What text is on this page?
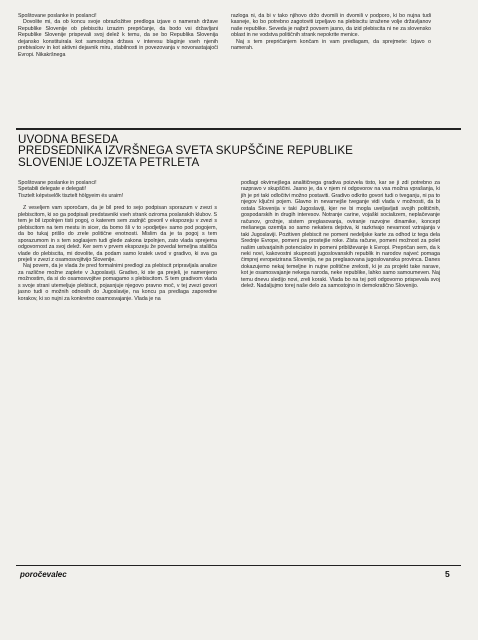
Spoštovane poslanke in poslanci!

Dovolite mi, da ob koncu svoje obrazložitve predloga izjave o namerah države Republike Slovenije ob plebiscitu izrazim prepričanje, da bodo vsi državljani Republike Slovenije prispevali svoj delež k temu, da se bo Republika Slovenija dejansko konstituirala kot samostojna država v interesu blaginje vseh njenih prebivalcev in kot aktivni dejavnik miru, stabilnosti in povezovanja v novonastajajoči Evropi. Nikakršnega

razloga ni, da bi v tako njihovo držo dvomili in dvomili v podporo, ki bo nujna tudi kasneje, ko bo potrebno zagotoviti izpeljavo na plebiscitu izražene volje državljanov naše republike. Seveda je najbrž povsem jasno, da izid plebiscita ni ne za slovensko oblast in ne vodstva političnih strank nepokrite menice.

Naj s tem prepričanjem končam in vam predlagam, da sprejmete: Izjavo o namerah.

UVODNA BESEDA
PREDSEDNIKA IZVRŠNEGA SVETA SKUPŠČINE REPUBLIKE
SLOVENIJE LOJZETA PETRLETA

Spoštovane poslanke in poslanci!

Spetabili delegate e delegati!

Tisztelt képviselők tisztelt hölgyeim és uraim!

Z veseljem vam sporočam, da je bil pred to sejo podpisan sporazum v zvezi s plebiscitom, ki so ga podpisali predstavniki vseh strank oziroma poslanskih klubov. S tem je bil izpolnjen tisti pogoj, o katerem sem zadnjič govoril v ekspozeju v zvezi s plebiscitom na tem mestu in sicer, da bomo šli v to »podjetje« samo pod pogojem, da bo tukaj prišlo do zrele politične enotnosti. Mislim da je ta pogoj s tem sporazumom in s tem soglasjem tudi glede zakona izpolnjen, zato vlada sprejema odgovornost za svoj delež. Ker sem v prvem ekspozeju že povedal temeljna stališča vlade do plebiscita, mi dovolite, da podam samo kratek uvod v gradivo, ki sva ga prejeli v zvezi z osamosvojitvijo Slovenije.

Naj povem, da je vlada že pred formalnimi predlogi za plebiscit pripravljala analize za različne možne zaplete v Jugoslaviji. Gradivo, ki ste ga prejeli, je namenjeno možnostim, da si do osamosvojitve pomagamo s plebiscitom. S tem gradivom vlada s svoje strani utemeljuje plebiscit, pojasnjuje njegovo pravno moč, v tej zvezi govori jasno tudi o možnih odnosih do Jugoslavije, na koncu pa predlaga zaporedne korakov, ki so nujni za konkretno osamosvajanje. Vlada je na

podlagi okvirnejšega analitičnega gradiva poizvela tisto, kar se ji zdi potrebno za razpravo v skupščini. Jasno je, da v njem ni odgovorov na vsa možna vprašanja, ki jih je pri taki odločitvi možno postaviti. Gradivo odkrito govori tudi o tveganju, ni pa to njegov ključni pojem. Glavno in nevarnejše tveganje vidi vlada v možnosti, da bi ostala Slovenija v taki Jugoslaviji, kjer ne bi mogla uveljavljati svojih političnih, gospodarskih in drugih interesov. Notranje carine, vojaški socializem, neplačevanje računov, grožnje, sistem preglasovanja, oviranje razvojne dinamike, koncept mešanega ozemlja so samo nekatera dejstva, ki razkrivajo nevarnost vztrajanja v taki Jugoslaviji. Pozitiven plebiscit ne pomeni nedeljske karte za odhod iz tega dela Srednje Evrope, pomeni pa prostejše roke. Zlsta račune, pomeni možnost za polet našim ustvarjalnih potencialov in pomeni približevanje k Evropi. Prepričan sem, da k neki novi, kakovostni skupnosti jugoslovanskih republik in narodov najveć pomaga čimprej evropeizirana Slovenija, ne pa preglasovana jugoslovanska provinca. Danes dokazujemo nekaj temeljne in nujne politične zrelosti, ki je za projekt take narave, kot je osamosvajanje nekega naroda, neke republike, lahko samo samoumeven. Naj temu dnevu sledijo novi, zreli koraki. Vlada bo na tej poti odgovorno prispevala svoj delež. Nadaljujmo torej naše delo za samostojno in demokratično Slovenijo.

poročevalec	5
